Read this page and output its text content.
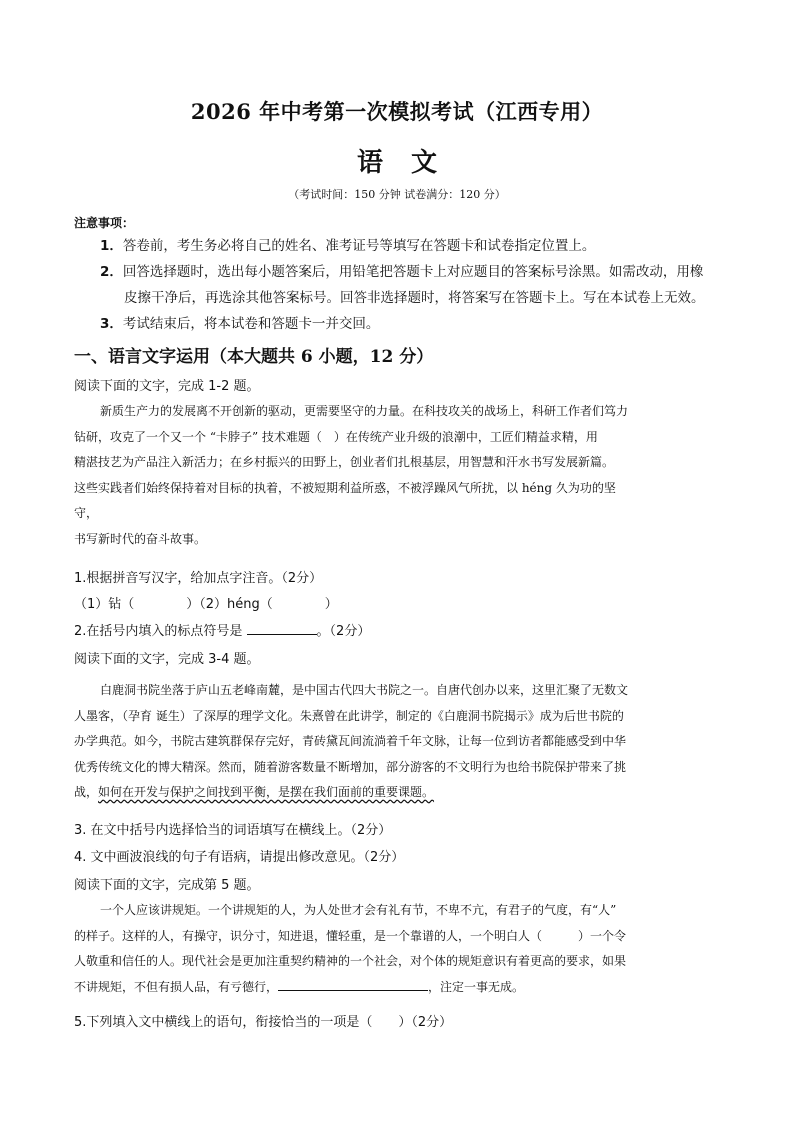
2026 年中考第一次模拟考试（江西专用）
语文
（考试时间：150 分钟 试卷满分：120 分）
注意事项：
1．答卷前，考生务必将自己的姓名、准考证号等填写在答题卡和试卷指定位置上。
2．回答选择题时，选出每小题答案后，用铅笔把答题卡上对应题目的答案标号涂黑。如需改动，用橡
皮擦干净后，再选涂其他答案标号。回答非选择题时，将答案写在答题卡上。写在本试卷上无效。
3．考试结束后，将本试卷和答题卡一并交回。
一、语言文字运用（本大题共 6 小题，12 分）
阅读下面的文字，完成 1-2 题。

新质生产力的发展离不开创新的驱动，更需要坚守的力量。在科技攻关的战场上，科研工作者们笃力

钻研，攻克了一个又一个 “卡脖子” 技术难题（　）在传统产业升级的浪潮中，工匠们精益求精，用

精湛技艺为产品注入新活力；在乡村振兴的田野上，创业者们扎根基层，用智慧和汗水书写发展新篇。

这些实践者们始终保持着对目标的执着，不被短期利益所惑，不被浮躁风气所扰，以 héng 久为功的坚

守，

书写新时代的奋斗故事。

1.根据拼音写汉字，给加点字注音。（2分）
（1）钻（　　　　）（2）héng（　　　　）
2.在括号内填入的标点符号是	。（2分）
阅读下面的文字，完成 3-4 题。

白鹿洞书院坐落于庐山五老峰南麓，是中国古代四大书院之一。自唐代创办以来，这里汇聚了无数文

人墨客，（孕育 诞生）了深厚的理学文化。朱熹曾在此讲学，制定的《白鹿洞书院揭示》成为后世书院的

办学典范。如今，书院古建筑群保存完好，青砖黛瓦间流淌着千年文脉，让每一位到访者都能感受到中华

优秀传统文化的博大精深。然而，随着游客数量不断增加，部分游客的不文明行为也给书院保护带来了挑

战，如何在开发与保护之间找到平衡，是摆在我们面前的重要课题。

3. 在文中括号内选择恰当的词语填写在横线上。（2分）
4. 文中画波浪线的句子有语病，请提出修改意见。（2分）
阅读下面的文字，完成第 5 题。

一个人应该讲规矩。一个讲规矩的人，为人处世才会有礼有节，不卑不亢，有君子的气度，有“人”

的样子。这样的人，有操守，识分寸，知进退，懂轻重，是一个靠谱的人，一个明白人（　　　）一个令

人敬重和信任的人。现代社会是更加注重契约精神的一个社会，对个体的规矩意识有着更高的要求，如果

不讲规矩，不但有损人品，有亏德行，	，注定一事无成。

5.下列填入文中横线上的语句，衔接恰当的一项是（　　）（2分）
